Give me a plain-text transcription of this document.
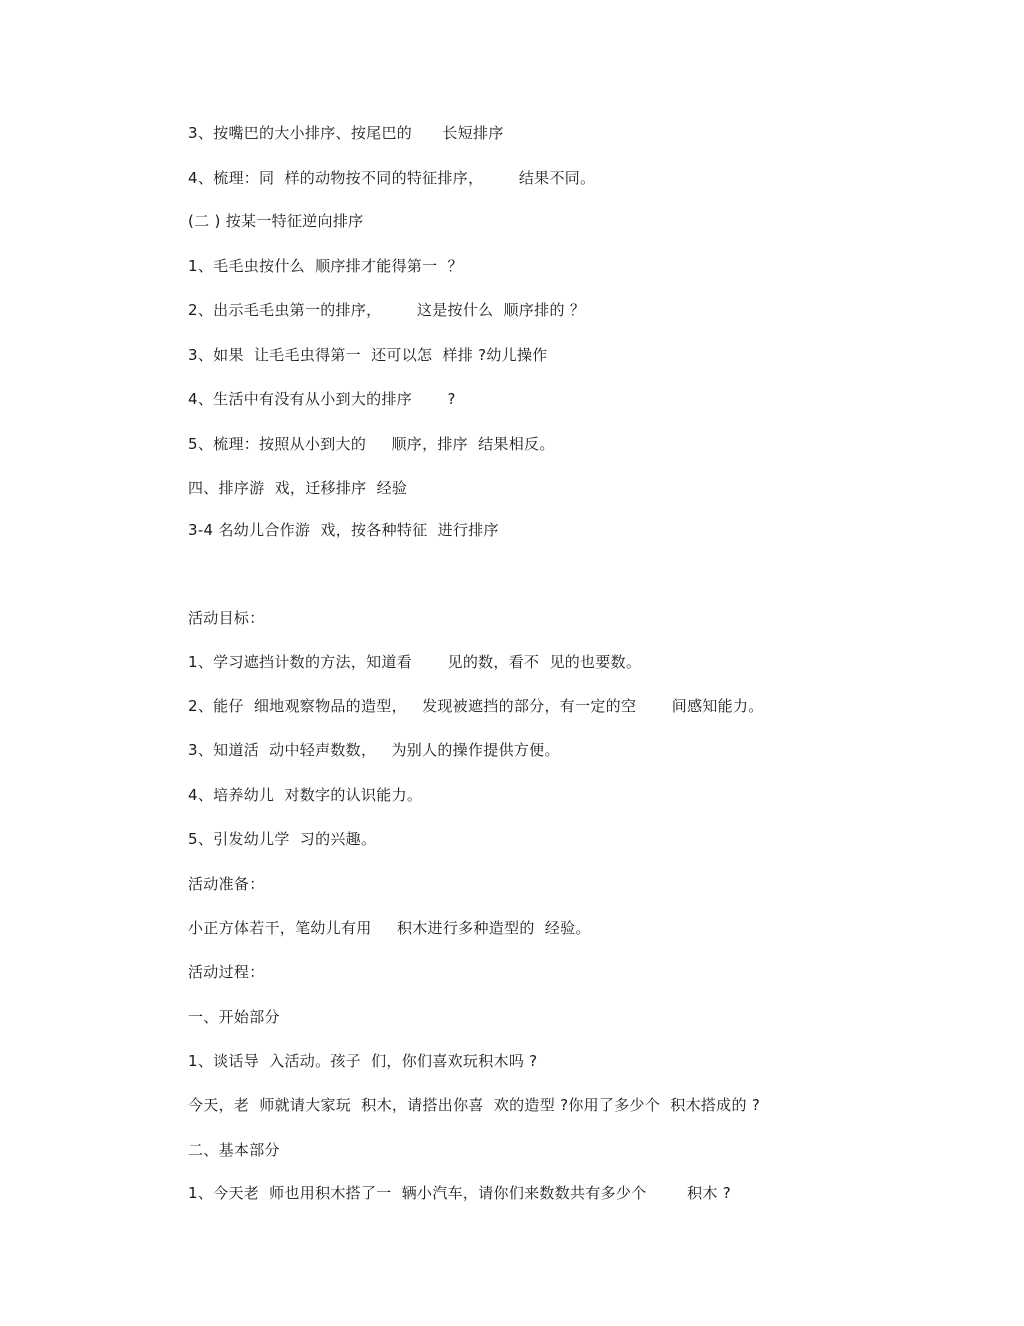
3、按嘴巴的大小排序、按尾巴的      长短排序
4、梳理：同  样的动物按不同的特征排序，       结果不同。
(二 ) 按某一特征逆向排序
1、毛毛虫按什么  顺序排才能得第一  ？
2、出示毛毛虫第一的排序，       这是按什么  顺序排的 ？
3、如果  让毛毛虫得第一  还可以怎  样排 ?幼儿操作
4、生活中有没有从小到大的排序       ?
5、梳理：按照从小到大的     顺序，排序  结果相反。
四、排序游  戏，迁移排序  经验
3-4 名幼儿合作游  戏，按各种特征  进行排序
活动目标：
1、学习遮挡计数的方法，知道看       见的数，看不  见的也要数。
2、能仔  细地观察物品的造型，   发现被遮挡的部分，有一定的空       间感知能力。
3、知道活  动中轻声数数，   为别人的操作提供方便。
4、培养幼儿  对数字的认识能力。
5、引发幼儿学  习的兴趣。
活动准备：
小正方体若干，笔幼儿有用     积木进行多种造型的  经验。
活动过程：
一、开始部分
1、谈话导  入活动。孩子  们，你们喜欢玩积木吗 ?
今天，老  师就请大家玩  积木，请搭出你喜  欢的造型 ?你用了多少个  积木搭成的 ?
二、基本部分
1、今天老  师也用积木搭了一  辆小汽车，请你们来数数共有多少个        积木 ?
